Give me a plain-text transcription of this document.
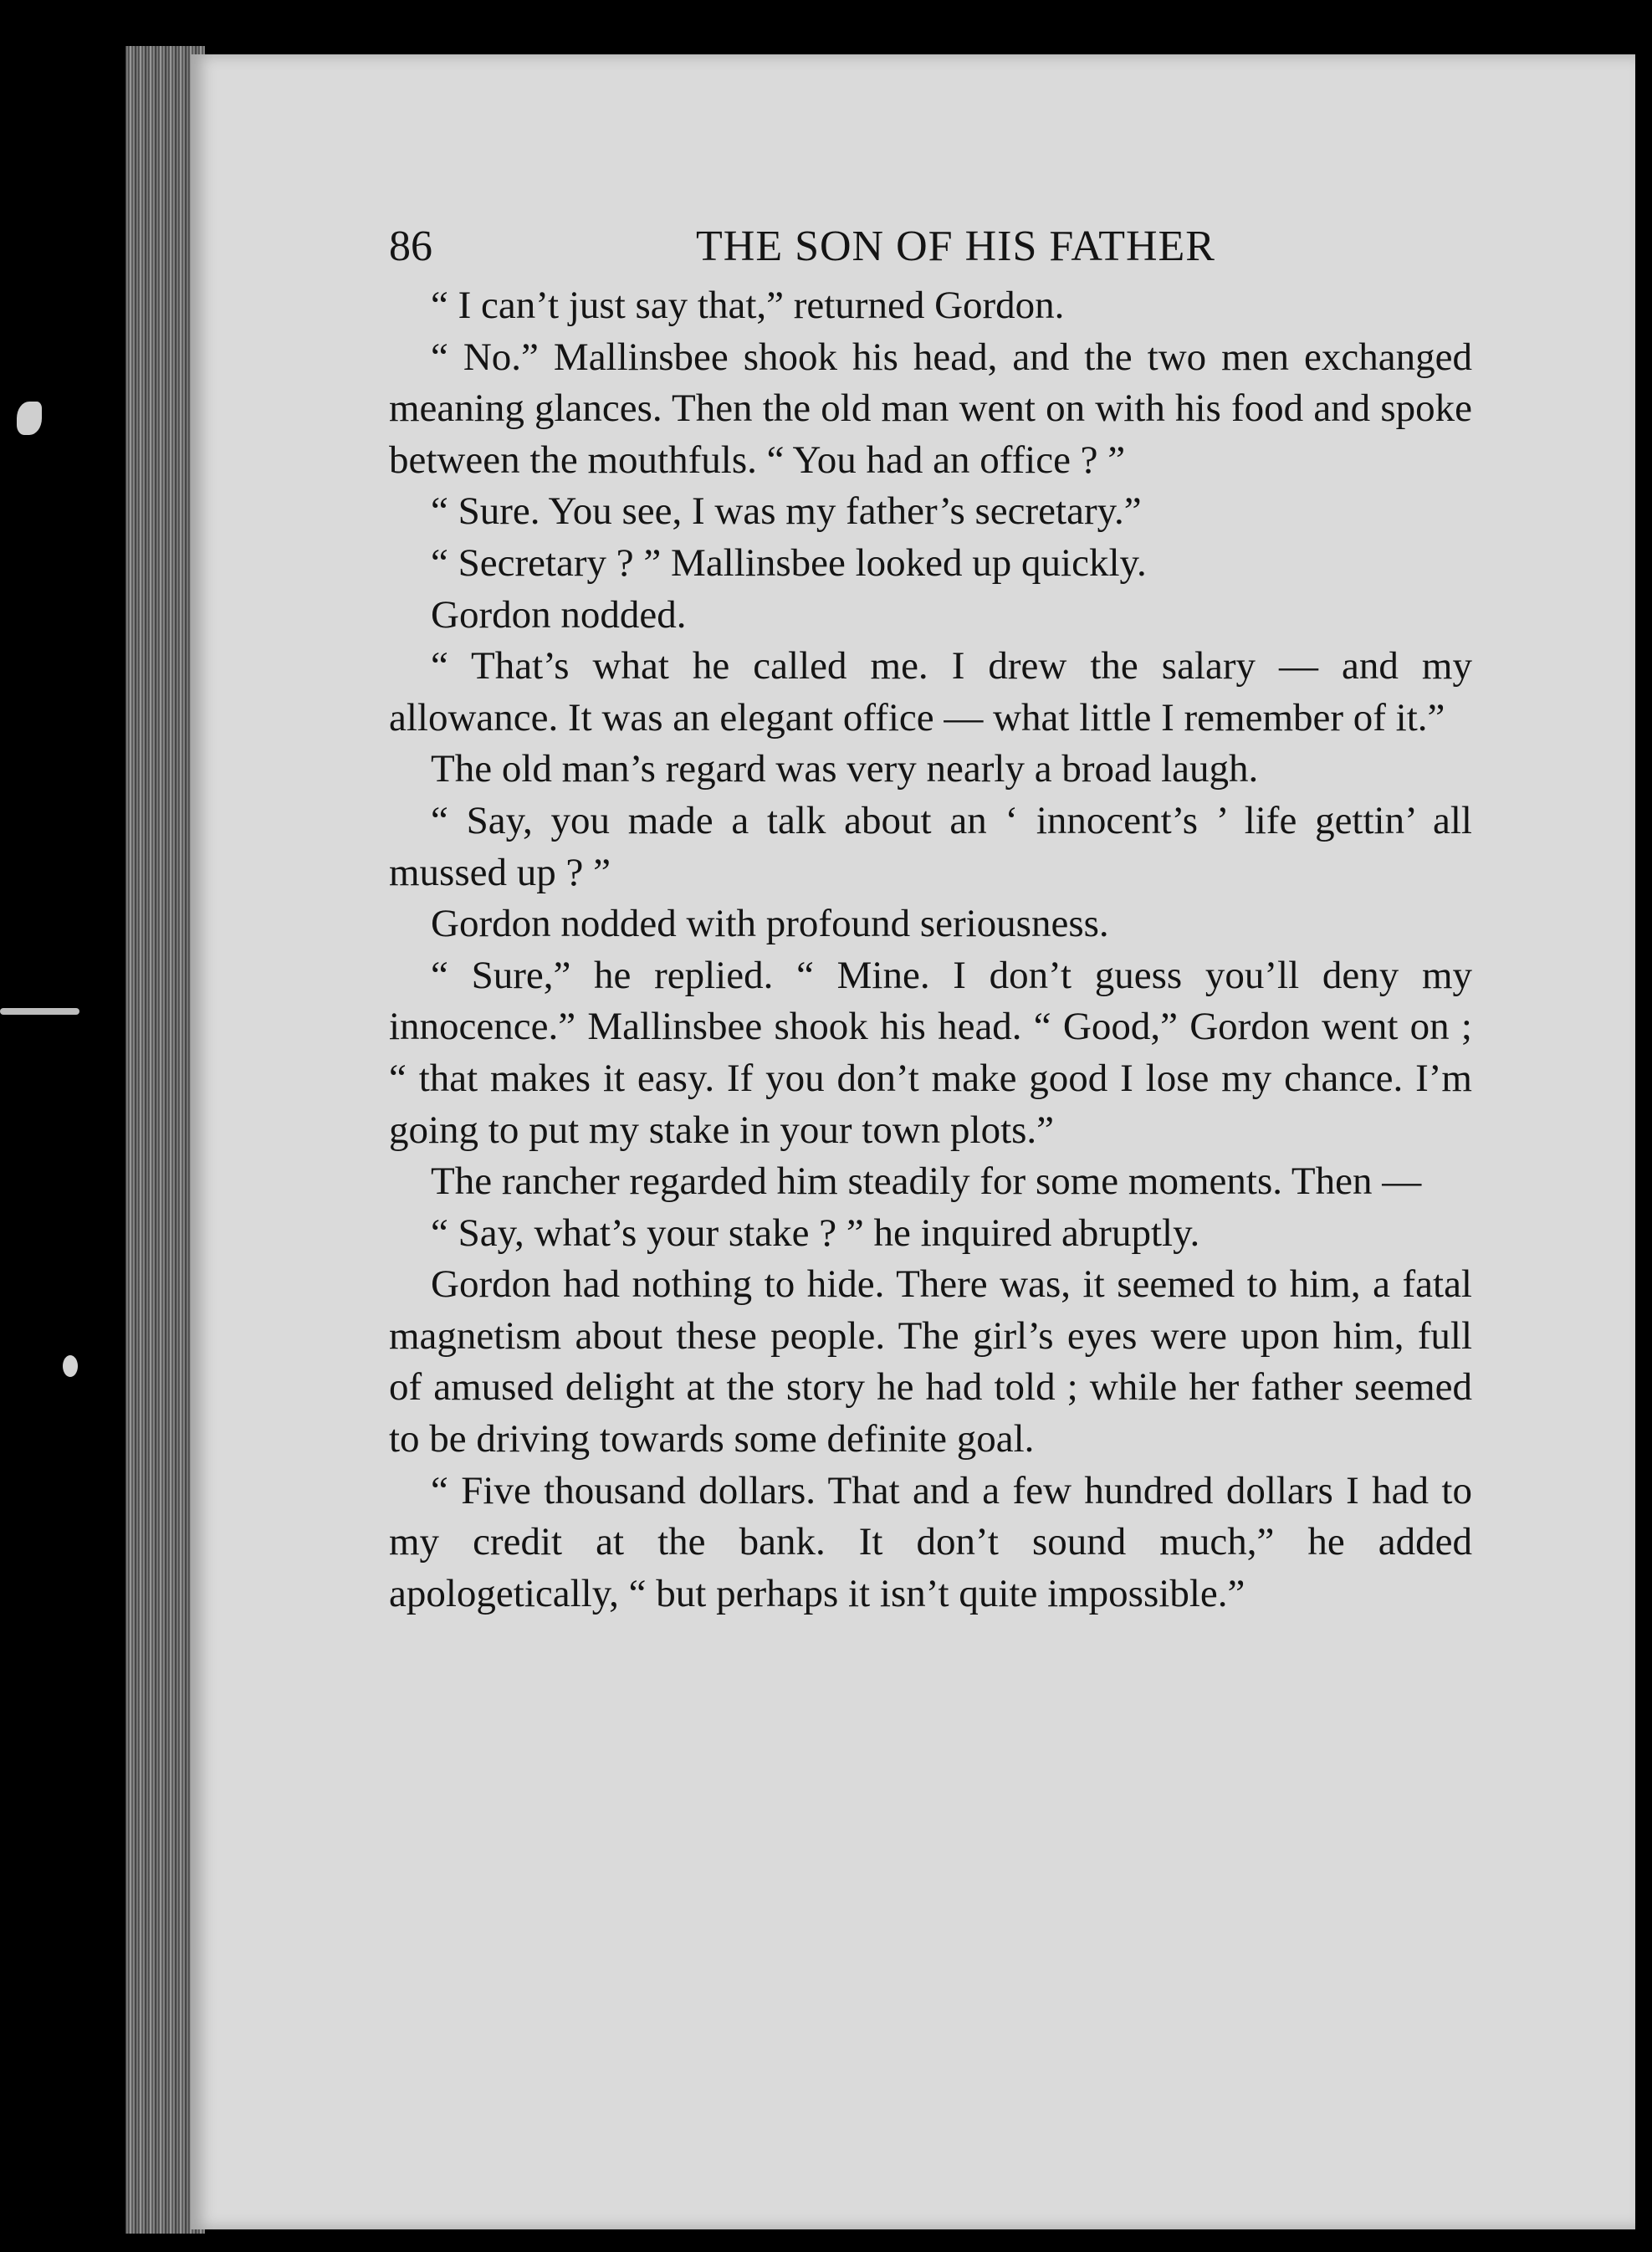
86	THE SON OF HIS FATHER

“ I can’t just say that,” returned Gordon.

“ No.” Mallinsbee shook his head, and the two men exchanged meaning glances. Then the old man went on with his food and spoke between the mouthfuls. “ You had an office ? ”

“ Sure. You see, I was my father’s secretary.”

“ Secretary ? ” Mallinsbee looked up quickly.

Gordon nodded.

“ That’s what he called me. I drew the salary — and my allowance. It was an elegant office — what little I remember of it.”

The old man’s regard was very nearly a broad laugh.

“ Say, you made a talk about an ‘ innocent’s ’ life gettin’ all mussed up ? ”

Gordon nodded with profound seriousness.

“ Sure,” he replied. “ Mine. I don’t guess you’ll deny my innocence.” Mallinsbee shook his head. “ Good,” Gordon went on ; “ that makes it easy. If you don’t make good I lose my chance. I’m going to put my stake in your town plots.”

The rancher regarded him steadily for some moments. Then —

“ Say, what’s your stake ? ” he inquired abruptly.

Gordon had nothing to hide. There was, it seemed to him, a fatal magnetism about these people. The girl’s eyes were upon him, full of amused delight at the story he had told ; while her father seemed to be driving towards some definite goal.

“ Five thousand dollars. That and a few hundred dollars I had to my credit at the bank. It don’t sound much,” he added apologetically, “ but perhaps it isn’t quite impossible.”
